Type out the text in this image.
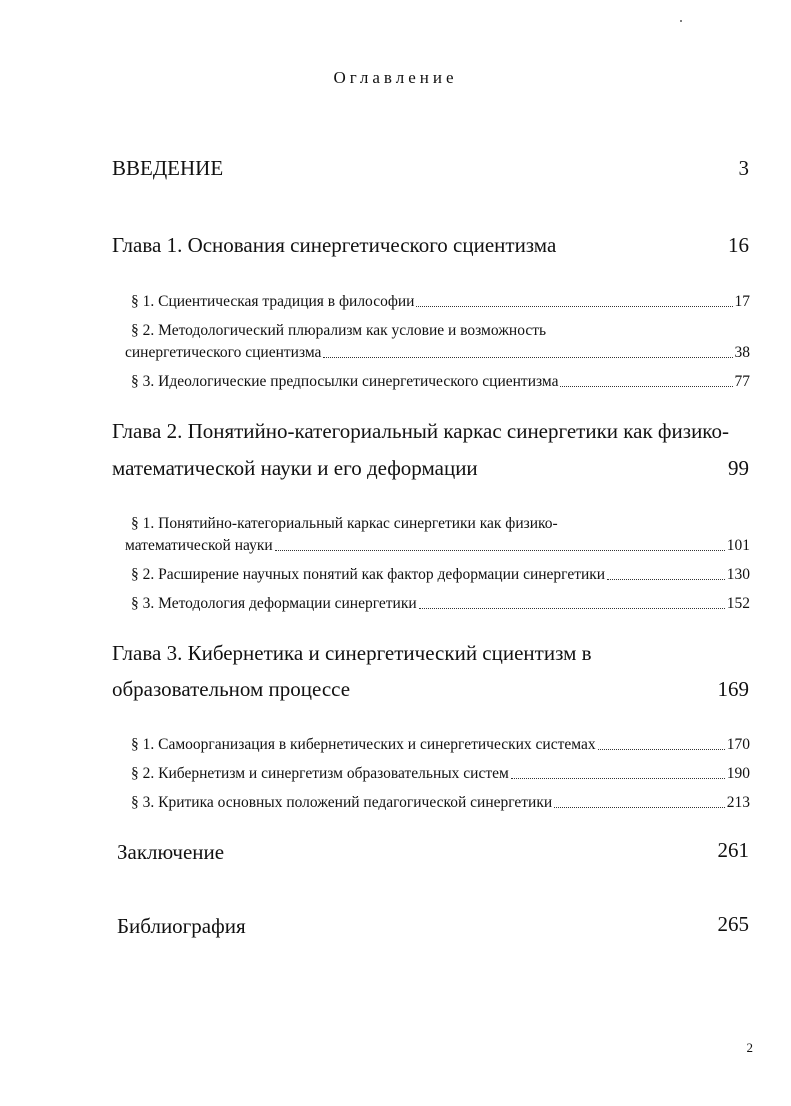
Оглавление
ВВЕДЕНИЕ	3
Глава 1. Основания синергетического сциентизма	16
§ 1. Сциентическая традиция в философии	17
§ 2. Методологический плюрализм как условие и возможность
синергетического сциентизма	38
§ 3. Идеологические предпосылки синергетического сциентизма	77
Глава 2. Понятийно-категориальный каркас синергетики как физико-
математической науки и его деформации	99
§ 1. Понятийно-категориальный каркас синергетики как физико-
математической науки	101
§ 2. Расширение научных понятий как фактор деформации синергетики	130
§ 3. Методология деформации синергетики	152
Глава 3. Кибернетика и синергетический сциентизм в
образовательном процессе	169
§ 1. Самоорганизация в кибернетических и синергетических системах	170
§ 2. Кибернетизм и синергетизм образовательных систем	190
§ 3. Критика основных положений педагогической синергетики	213
Заключение	261
Библиография	265
2
